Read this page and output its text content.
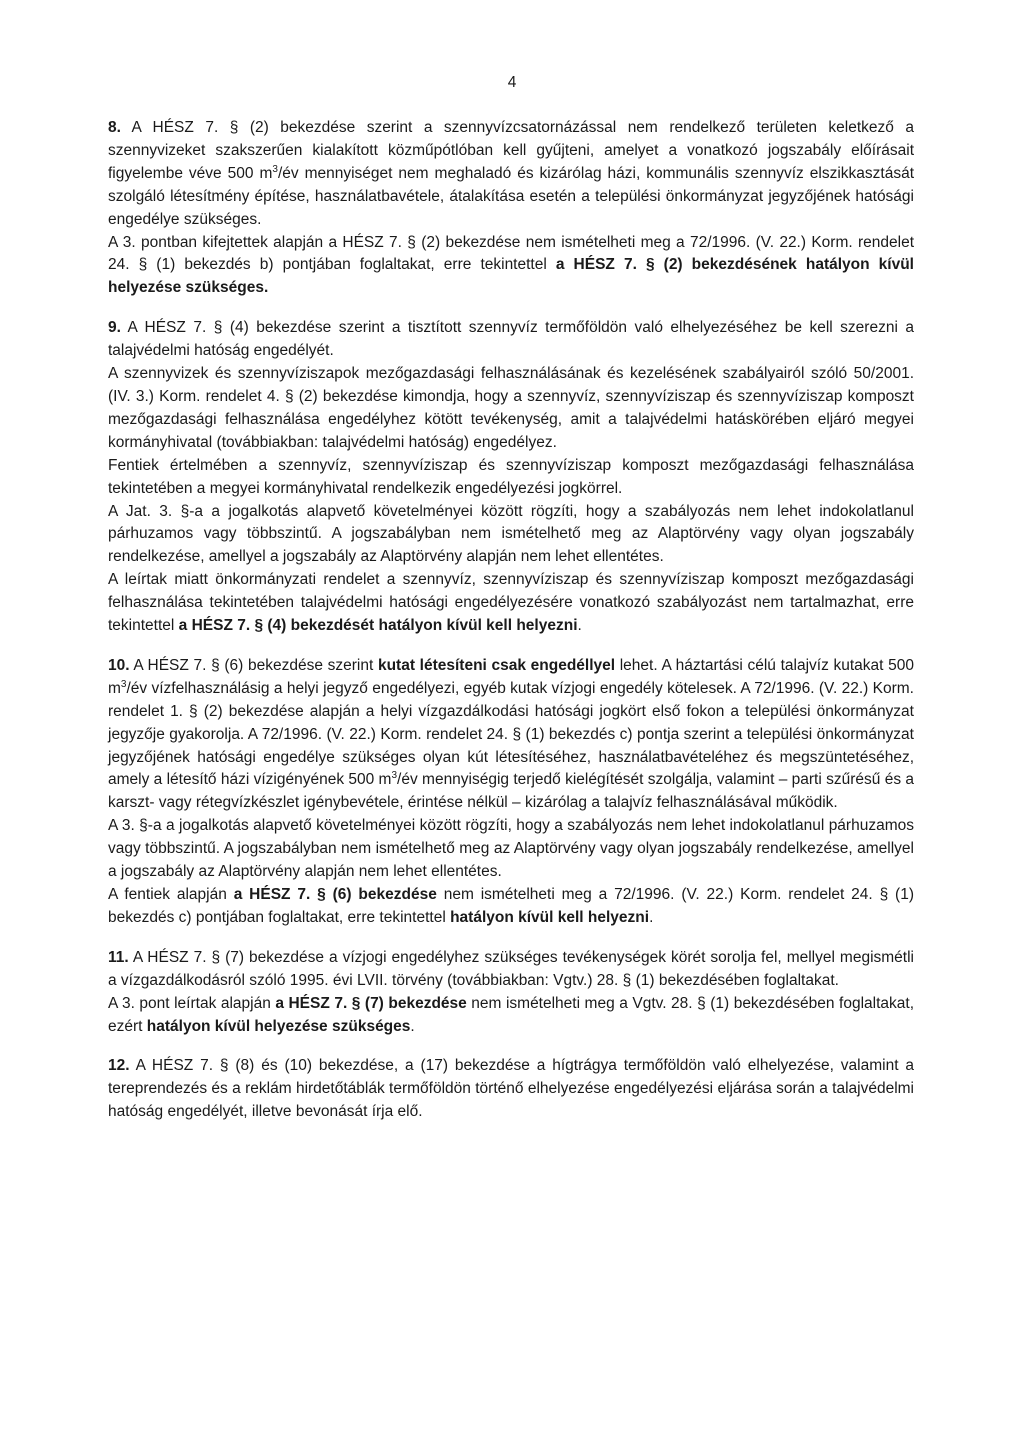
4

8. A HÉSZ 7. § (2) bekezdése szerint a szennyvízcsatornázással nem rendelkező területen keletkező a szennyvizeket szakszerűen kialakított közműpótlóban kell gyűjteni, amelyet a vonatkozó jogszabály előírásait figyelembe véve 500 $m^3/év$ mennyiséget nem meghaladó és kizárólag házi, kommunális szennyvíz elszikkasztását szolgáló létesítmény építése, használatbavétele, átalakítása esetén a települési önkormányzat jegyzőjének hatósági engedélye szükséges.

A 3. pontban kifejtettek alapján a HÉSZ 7. § (2) bekezdése nem ismételheti meg a 72/1996. (V. 22.) Korm. rendelet 24. § (1) bekezdés b) pontjában foglaltakat, erre tekintettel a HÉSZ 7. § (2) bekezdésének hatályon kívül helyezése szükséges.

9. A HÉSZ 7. § (4) bekezdése szerint a tisztított szennyvíz termőföldön való elhelyezéséhez be kell szerezni a talajvédelmi hatóság engedélyét.

A szennyvizek és szennyvíziszapok mezőgazdasági felhasználásának és kezelésének szabályairól szóló 50/2001. (IV. 3.) Korm. rendelet 4. § (2) bekezdése kimondja, hogy a szennyvíz, szennyvíziszap és szennyvíziszap komposzt mezőgazdasági felhasználása engedélyhez kötött tevékenység, amit a talajvédelmi hatáskörében eljáró megyei kormányhivatal (továbbiakban: talajvédelmi hatóság) engedélyez.

Fentiek értelmében a szennyvíz, szennyvíziszap és szennyvíziszap komposzt mezőgazdasági felhasználása tekintetében a megyei kormányhivatal rendelkezik engedélyezési jogkörrel.

A Jat. 3. §-a a jogalkotás alapvető követelményei között rögzíti, hogy a szabályozás nem lehet indokolatlanul párhuzamos vagy többszintű. A jogszabályban nem ismételhető meg az Alaptörvény vagy olyan jogszabály rendelkezése, amellyel a jogszabály az Alaptörvény alapján nem lehet ellentétes.

A leírtak miatt önkormányzati rendelet a szennyvíz, szennyvíziszap és szennyvíziszap komposzt mezőgazdasági felhasználása tekintetében talajvédelmi hatósági engedélyezésére vonatkozó szabályozást nem tartalmazhat, erre tekintettel a HÉSZ 7. § (4) bekezdését hatályon kívül kell helyezni.

10. A HÉSZ 7. § (6) bekezdése szerint kutat létesíteni csak engedéllyel lehet. A háztartási célú talajvíz kutakat 500 $m^3/év$ vízfelhasználásig a helyi jegyző engedélyezi, egyéb kutak vízjogi engedély kötelesek. A 72/1996. (V. 22.) Korm. rendelet 1. § (2) bekezdése alapján a helyi vízgazdálkodási hatósági jogkört első fokon a települési önkormányzat jegyzője gyakorolja. A 72/1996. (V. 22.) Korm. rendelet 24. § (1) bekezdés c) pontja szerint a települési önkormányzat jegyzőjének hatósági engedélye szükséges olyan kút létesítéséhez, használatbavételéhez és megszüntetéséhez, amely a létesítő házi vízigényének 500 $m^3/év$ mennyiségig terjedő kielégítését szolgálja, valamint – parti szűrésű és a karszt- vagy rétegvízkészlet igénybevétele, érintése nélkül – kizárólag a talajvíz felhasználásával működik.

A 3. §-a a jogalkotás alapvető követelményei között rögzíti, hogy a szabályozás nem lehet indokolatlanul párhuzamos vagy többszintű. A jogszabályban nem ismételhető meg az Alaptörvény vagy olyan jogszabály rendelkezése, amellyel a jogszabály az Alaptörvény alapján nem lehet ellentétes.

A fentiek alapján a HÉSZ 7. § (6) bekezdése nem ismételheti meg a 72/1996. (V. 22.) Korm. rendelet 24. § (1) bekezdés c) pontjában foglaltakat, erre tekintettel hatályon kívül kell helyezni.

11. A HÉSZ 7. § (7) bekezdése a vízjogi engedélyhez szükséges tevékenységek körét sorolja fel, mellyel megismétli a vízgazdálkodásról szóló 1995. évi LVII. törvény (továbbiakban: Vgtv.) 28. § (1) bekezdésében foglaltakat.

A 3. pont leírtak alapján a HÉSZ 7. § (7) bekezdése nem ismételheti meg a Vgtv. 28. § (1) bekezdésében foglaltakat, ezért hatályon kívül helyezése szükséges.

12. A HÉSZ 7. § (8) és (10) bekezdése, a (17) bekezdése a hígtrágya termőföldön való elhelyezése, valamint a tereprendezés és a reklám hirdetőtáblák termőföldön történő elhelyezése engedélyezési eljárása során a talajvédelmi hatóság engedélyét, illetve bevonását írja elő.
